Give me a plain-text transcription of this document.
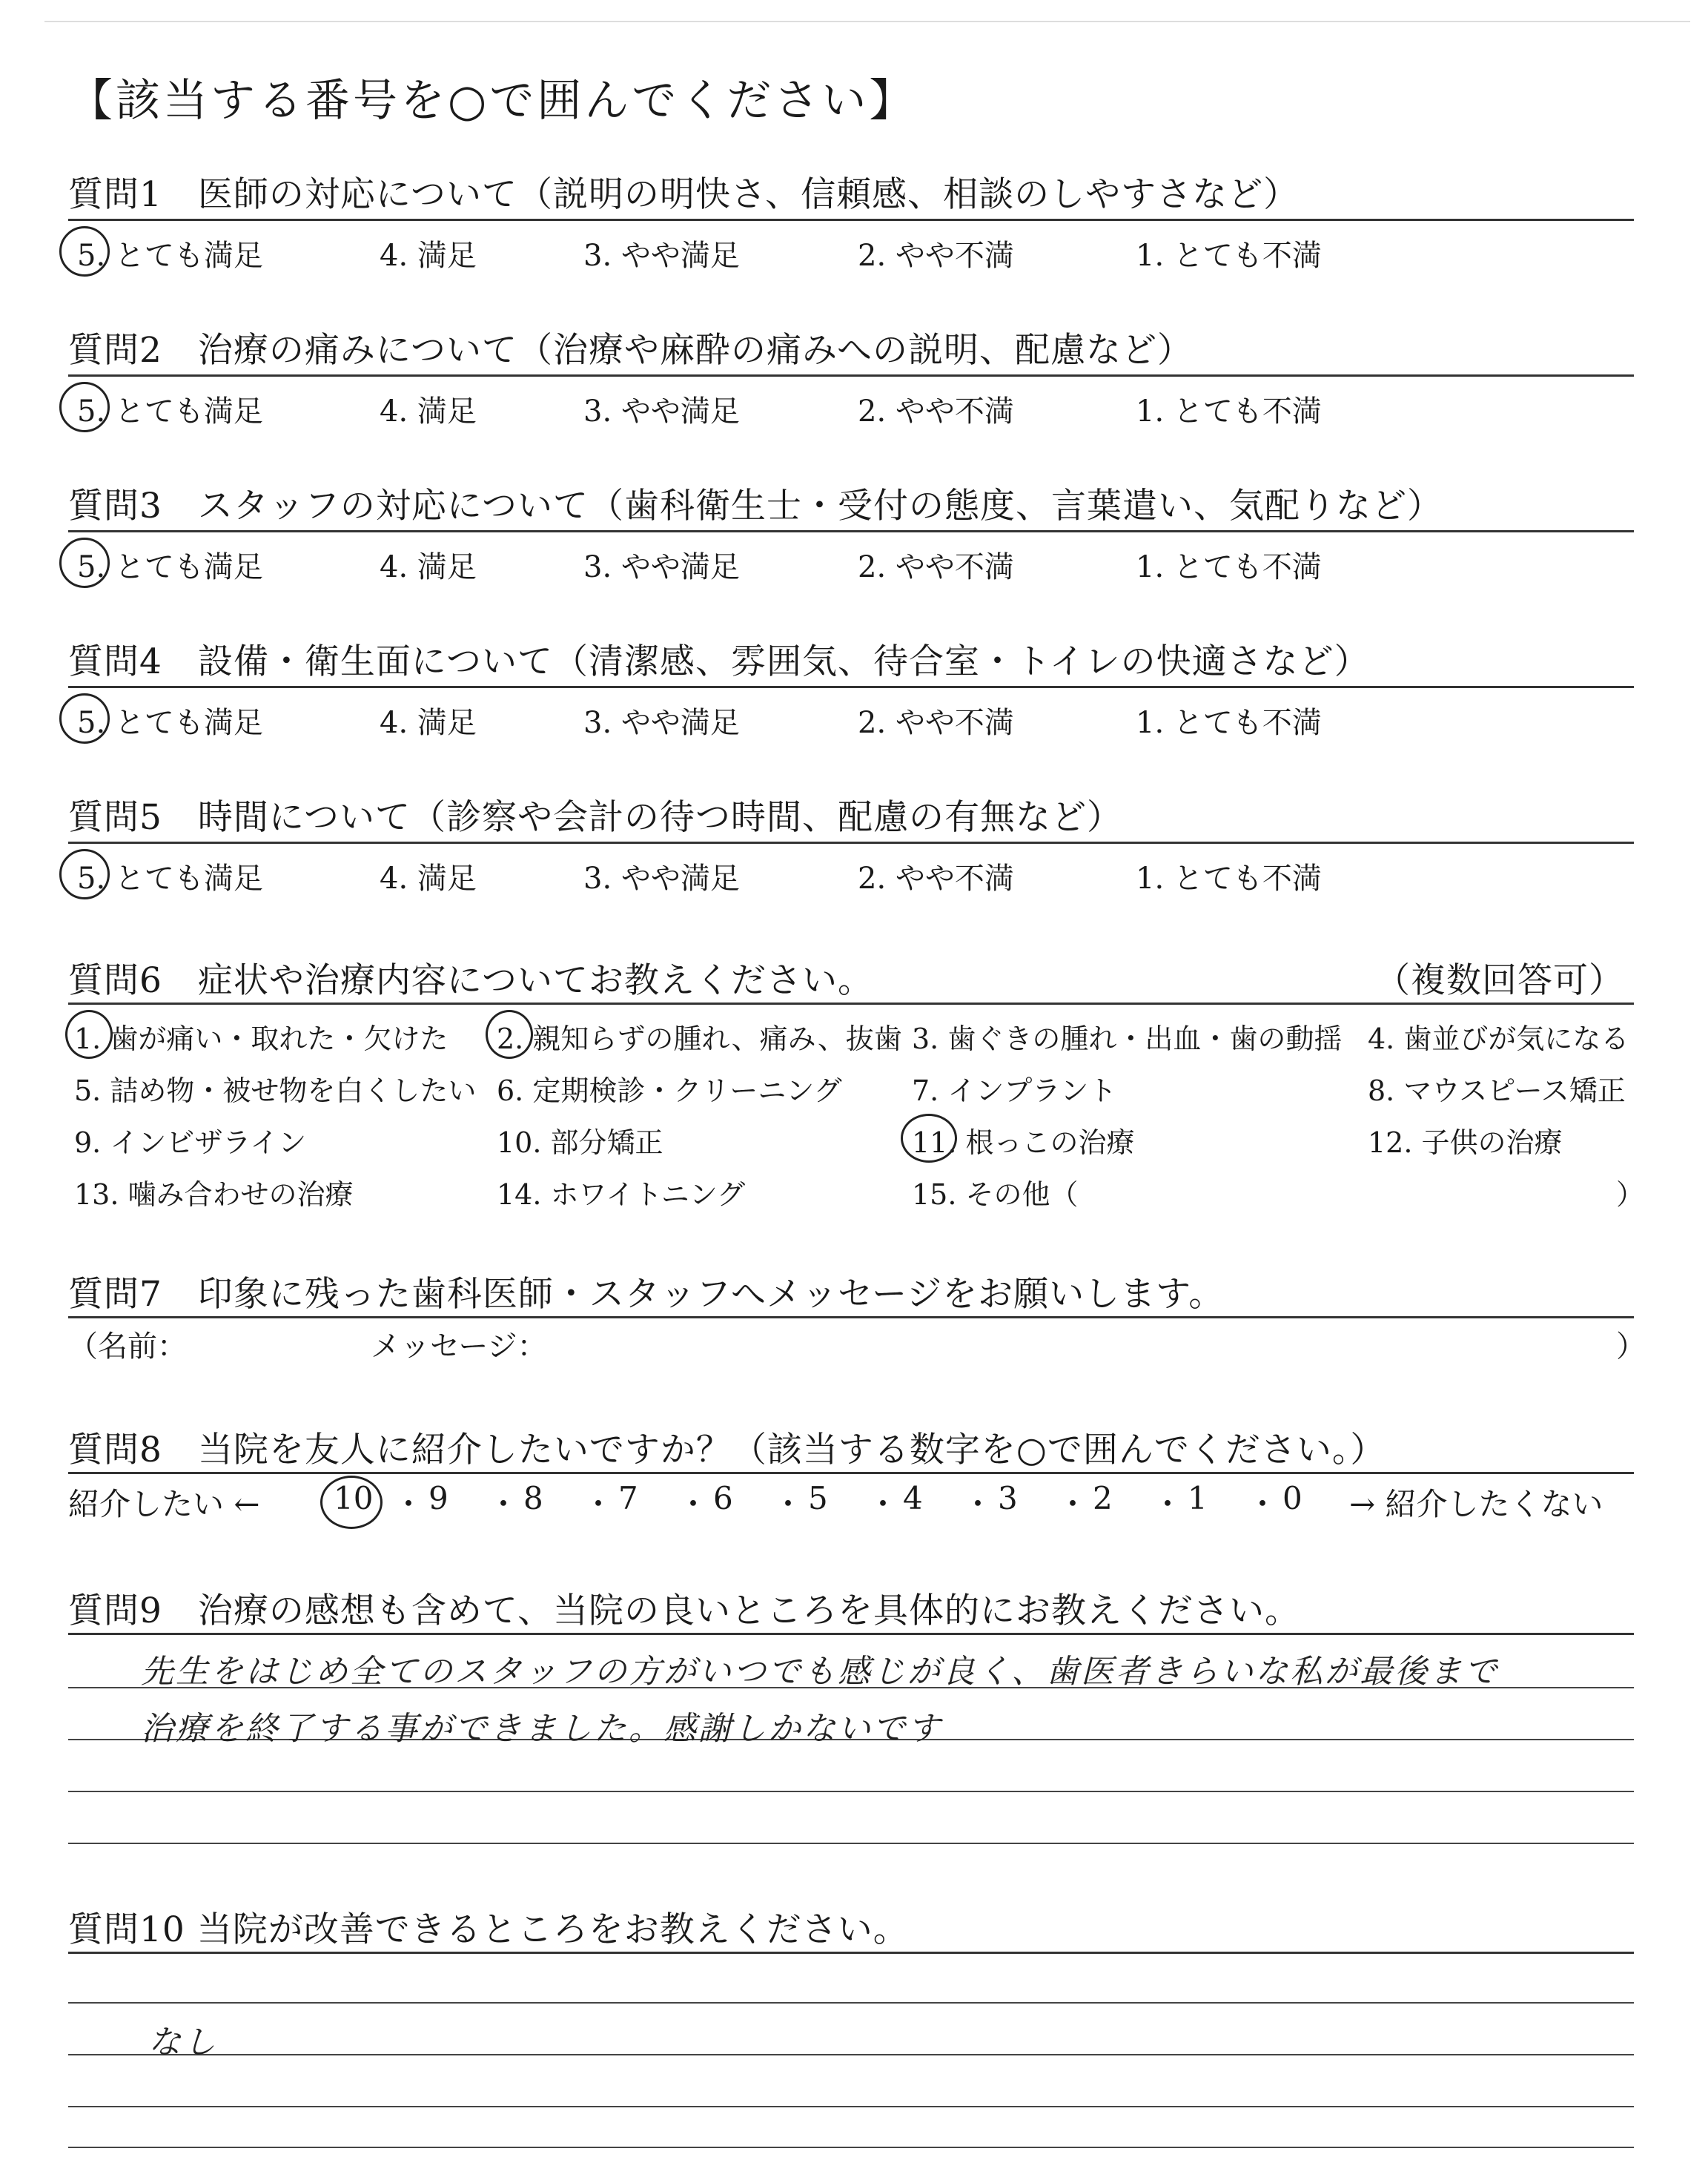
【該当する番号を○で囲んでください】
質問1　医師の対応について（説明の明快さ、信頼感、相談のしやすさなど）
5. とても満足	4. 満足	3. やや満足	2. やや不満	1. とても不満
質問2　治療の痛みについて（治療や麻酔の痛みへの説明、配慮など）
5. とても満足	4. 満足	3. やや満足	2. やや不満	1. とても不満
質問3　スタッフの対応について（歯科衛生士・受付の態度、言葉遣い、気配りなど）
5. とても満足	4. 満足	3. やや満足	2. やや不満	1. とても不満
質問4　設備・衛生面について（清潔感、雰囲気、待合室・トイレの快適さなど）
5. とても満足	4. 満足	3. やや満足	2. やや不満	1. とても不満
質問5　時間について（診察や会計の待つ時間、配慮の有無など）
5. とても満足	4. 満足	3. やや満足	2. やや不満	1. とても不満
質問6　症状や治療内容についてお教えください。	（複数回答可）
1. 歯が痛い・取れた・欠けた 2. 親知らずの腫れ、痛み、抜歯 3. 歯ぐきの腫れ・出血・歯の動揺 4. 歯並びが気になる
5. 詰め物・被せ物を白くしたい 6. 定期検診・クリーニング 7. インプラント	8. マウスピース矯正
9. インビザライン	10. 部分矯正	11. 根っこの治療	12. 子供の治療
13. 噛み合わせの治療	14. ホワイトニング	15. その他（	）
質問7　印象に残った歯科医師・スタッフへメッセージをお願いします。
（名前：	メッセージ：	）
質問8　当院を友人に紹介したいですか？（該当する数字を○で囲んでください。）
紹介したい ←	→ 紹介したくない
10 ・ 9 ・ 8 ・ 7 ・ 6 ・ 5 ・ 4 ・ 3 ・ 2 ・ 1 ・ 0
質問9　治療の感想も含めて、当院の良いところを具体的にお教えください。
先生をはじめ全てのスタッフの方がいつでも感じが良く、歯医者きらいな私が最後まで
治療を終了する事ができました。感謝しかないです
質問10 当院が改善できるところをお教えください。
なし
